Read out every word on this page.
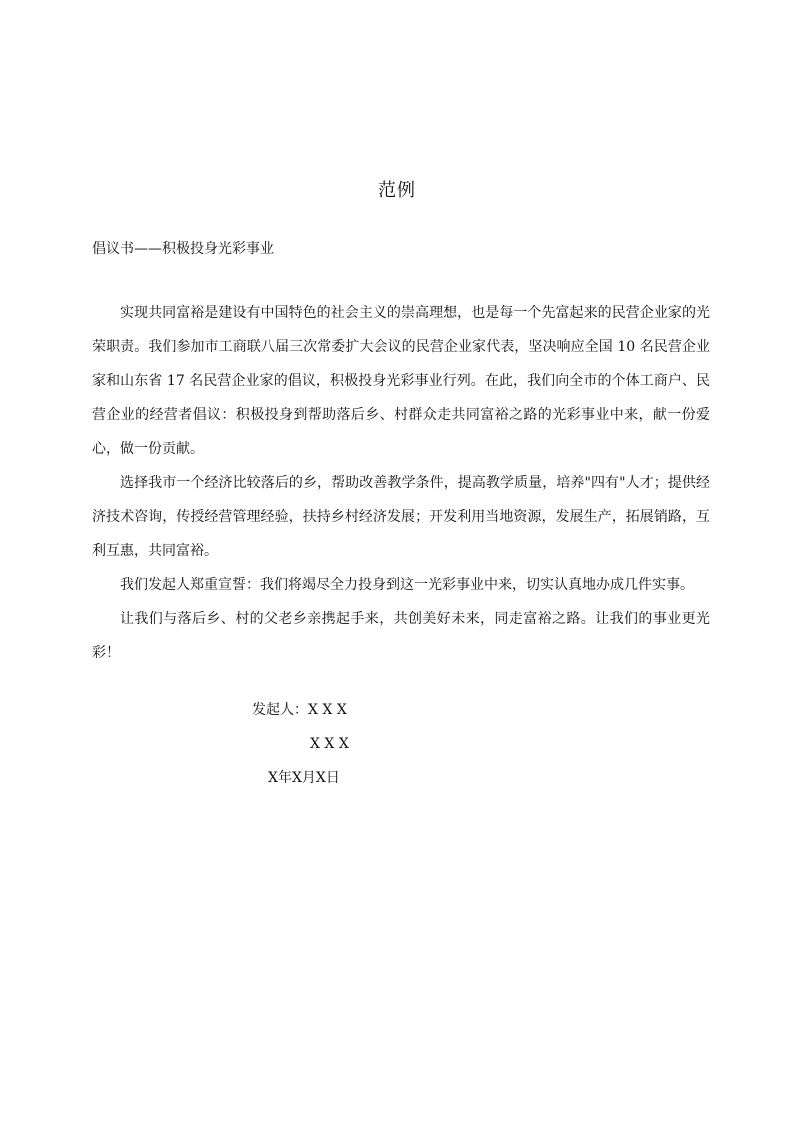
范例
倡议书——积极投身光彩事业

实现共同富裕是建设有中国特色的社会主义的崇高理想，也是每一个先富起来的民营企业家的光荣职责。我们参加市工商联八届三次常委扩大会议的民营企业家代表，坚决响应全国 10 名民营企业家和山东省 17 名民营企业家的倡议，积极投身光彩事业行列。在此，我们向全市的个体工商户、民营企业的经营者倡议：积极投身到帮助落后乡、村群众走共同富裕之路的光彩事业中来，献一份爱心，做一份贡献。

选择我市一个经济比较落后的乡，帮助改善教学条件，提高教学质量，培养"四有"人才；提供经济技术咨询，传授经营管理经验，扶持乡村经济发展；开发利用当地资源，发展生产，拓展销路，互利互惠，共同富裕。

我们发起人郑重宣誓：我们将竭尽全力投身到这一光彩事业中来，切实认真地办成几件实事。

让我们与落后乡、村的父老乡亲携起手来，共创美好未来，同走富裕之路。让我们的事业更光彩！

发起人：X X X

X X X

X年X月X日
